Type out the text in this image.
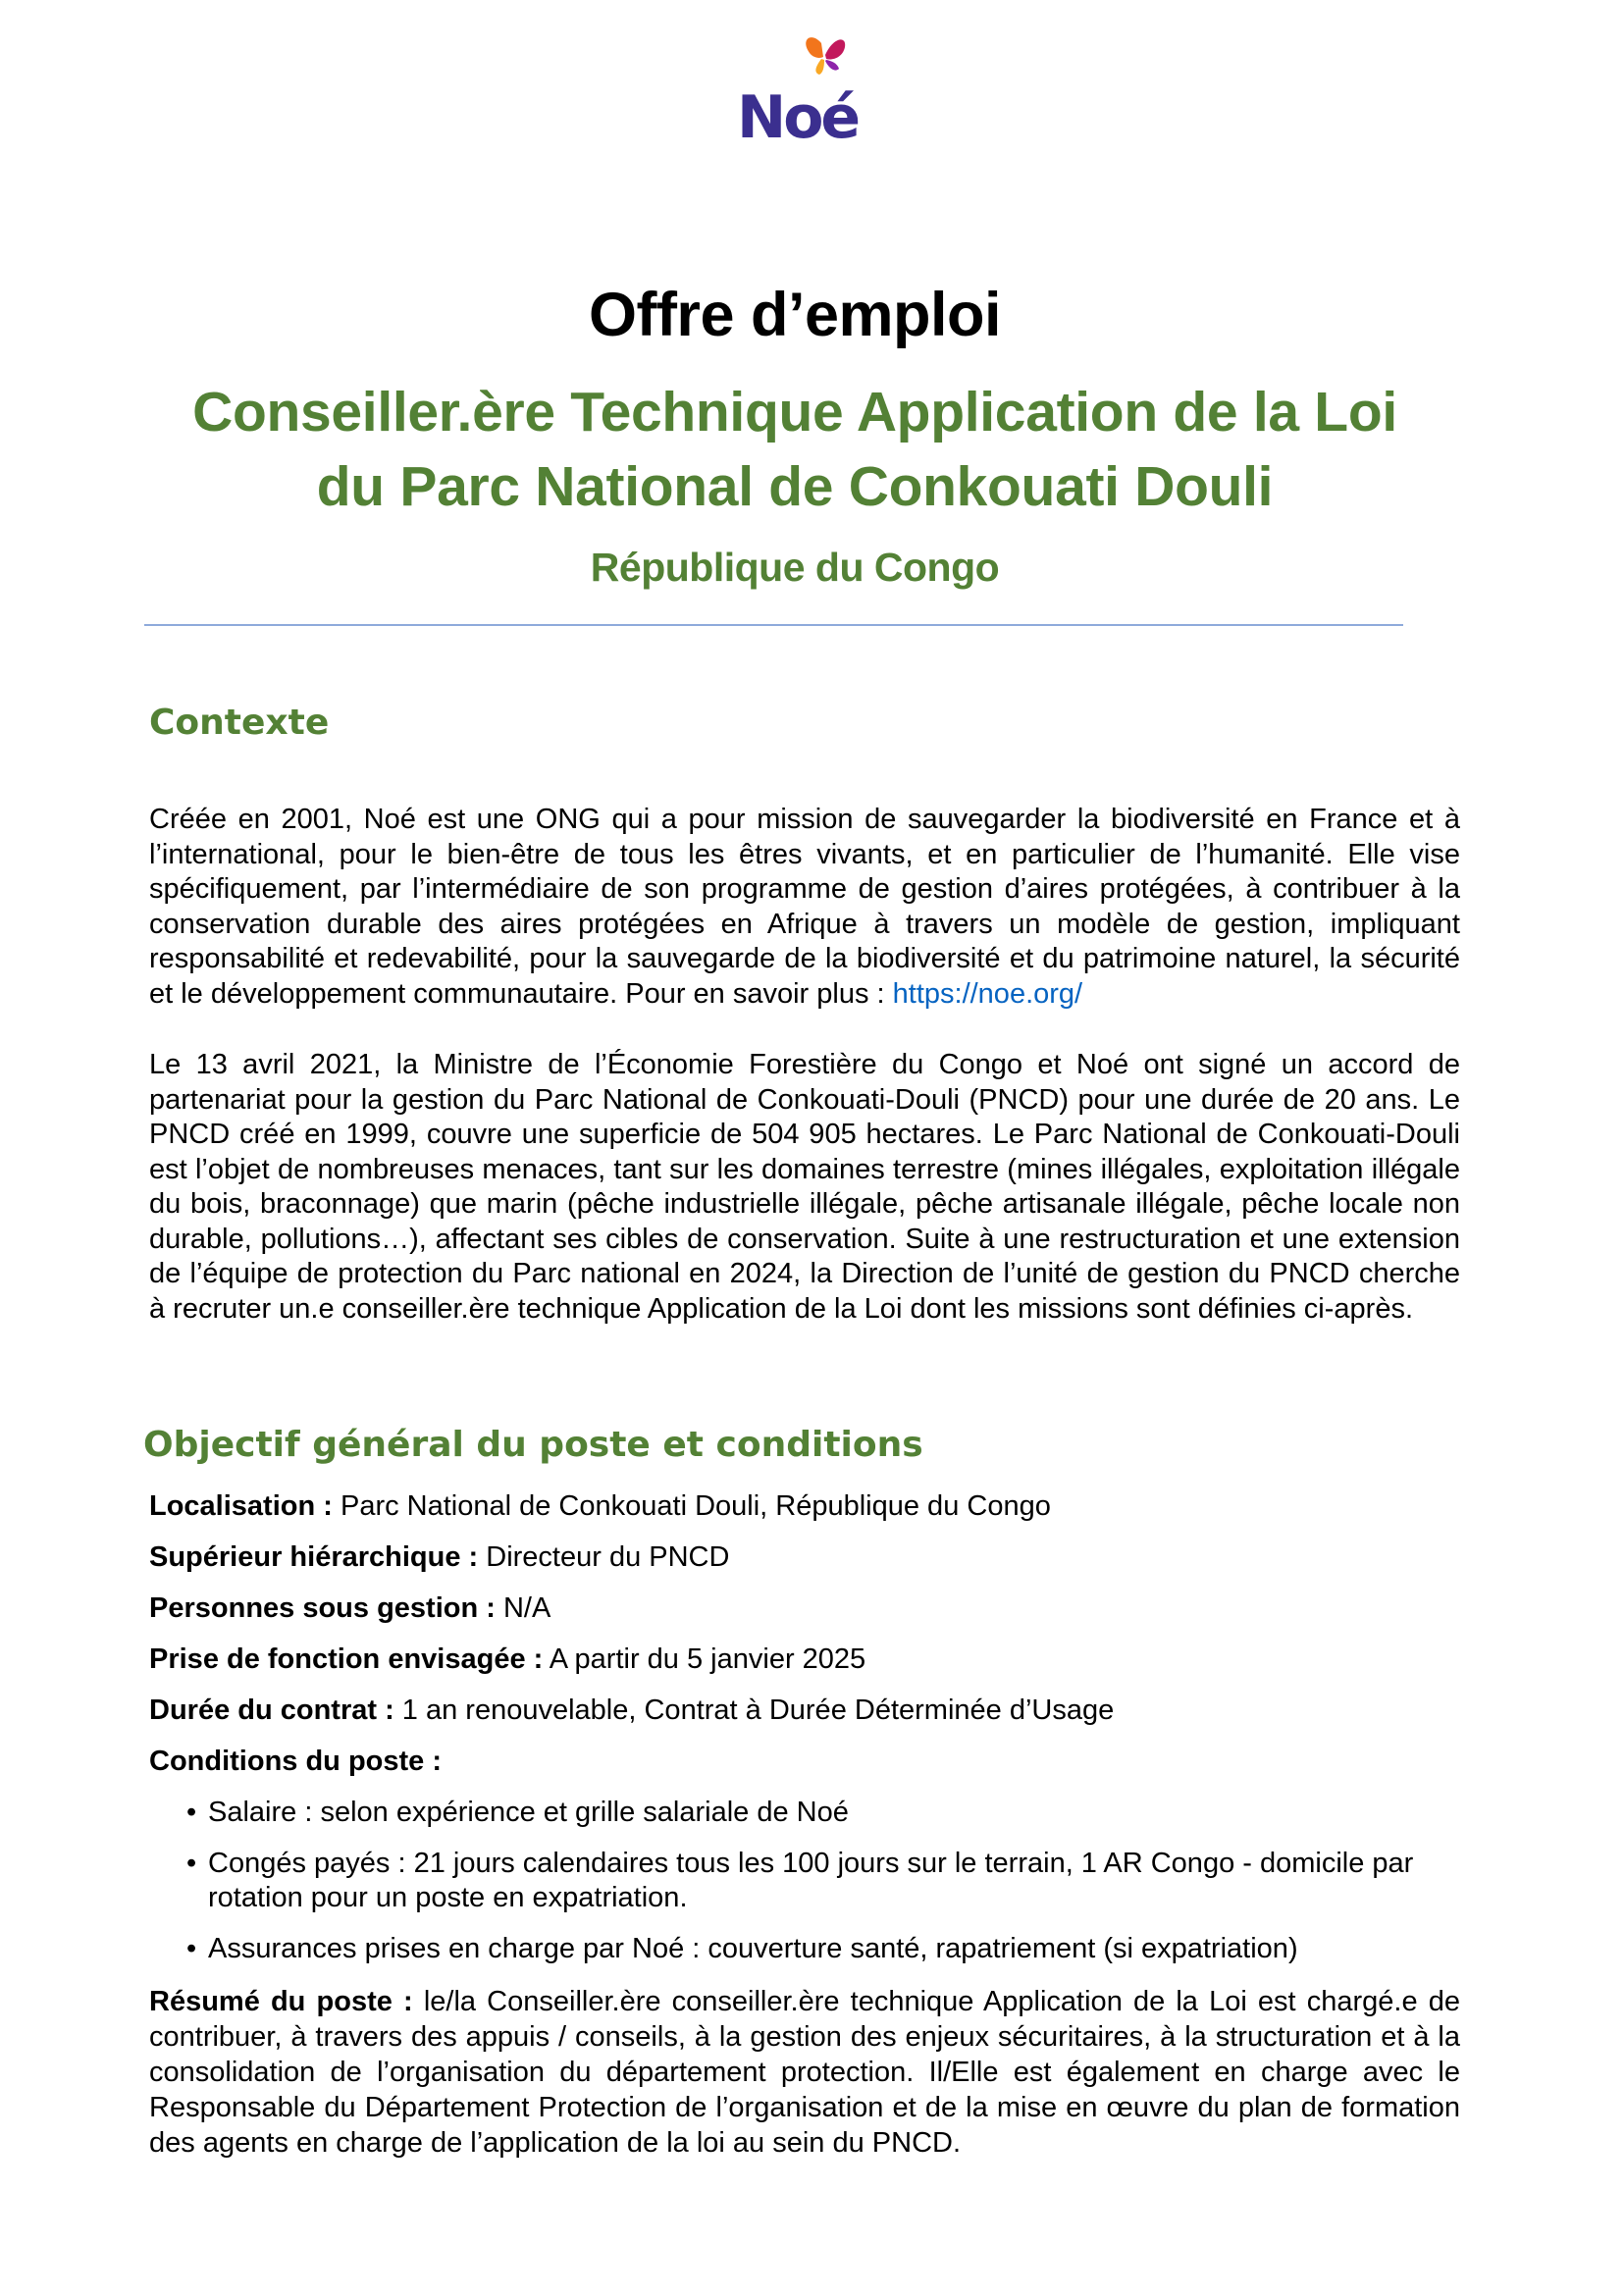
Noé
Offre d’emploi
Conseiller.ère Technique Application de la Loi
du Parc National de Conkouati Douli
République du Congo
Contexte

Créée en 2001, Noé est une ONG qui a pour mission de sauvegarder la biodiversité en France et à l’international, pour le bien-être de tous les êtres vivants, et en particulier de l’humanité. Elle vise spécifiquement, par l’intermédiaire de son programme de gestion d’aires protégées, à contribuer à la conservation durable des aires protégées en Afrique à travers un modèle de gestion, impliquant responsabilité et redevabilité, pour la sauvegarde de la biodiversité et du patrimoine naturel, la sécurité et le développement communautaire. Pour en savoir plus : https://noe.org/

Le 13 avril 2021, la Ministre de l’Économie Forestière du Congo et Noé ont signé un accord de partenariat pour la gestion du Parc National de Conkouati-Douli (PNCD) pour une durée de 20 ans. Le PNCD créé en 1999, couvre une superficie de 504 905 hectares. Le Parc National de Conkouati-Douli est l’objet de nombreuses menaces, tant sur les domaines terrestre (mines illégales, exploitation illégale du bois, braconnage) que marin (pêche industrielle illégale, pêche artisanale illégale, pêche locale non durable, pollutions…), affectant ses cibles de conservation. Suite à une restructuration et une extension de l’équipe de protection du Parc national en 2024, la Direction de l’unité de gestion du PNCD cherche à recruter un.e conseiller.ère technique Application de la Loi dont les missions sont définies ci-après.

Objectif général du poste et conditions

Localisation : Parc National de Conkouati Douli, République du Congo

Supérieur hiérarchique : Directeur du PNCD

Personnes sous gestion : N/A

Prise de fonction envisagée : A partir du 5 janvier 2025

Durée du contrat : 1 an renouvelable, Contrat à Durée Déterminée d’Usage

Conditions du poste :

• Salaire : selon expérience et grille salariale de Noé
• Congés payés : 21 jours calendaires tous les 100 jours sur le terrain, 1 AR Congo - domicile par rotation pour un poste en expatriation.
• Assurances prises en charge par Noé : couverture santé, rapatriement (si expatriation)

Résumé du poste : le/la Conseiller.ère conseiller.ère technique Application de la Loi est chargé.e de contribuer, à travers des appuis / conseils, à la gestion des enjeux sécuritaires, à la structuration et à la consolidation de l’organisation du département protection. Il/Elle est également en charge avec le Responsable du Département Protection de l’organisation et de la mise en œuvre du plan de formation des agents en charge de l’application de la loi au sein du PNCD.
